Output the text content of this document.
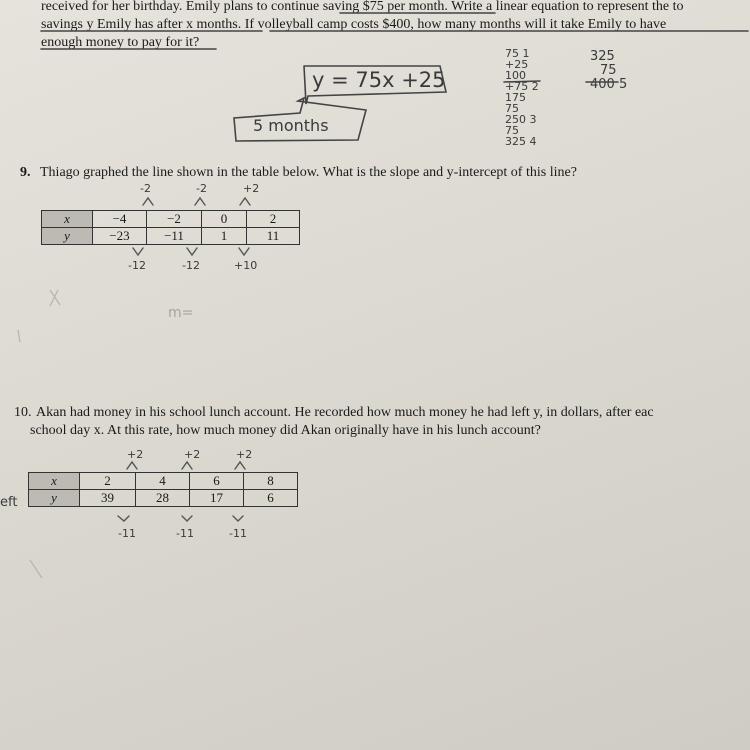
received for her birthday. Emily plans to continue saving $75 per month. Write a linear equation to represent the to
savings y Emily has after x months. If volleyball camp costs $400, how many months will it take Emily to have
enough money to pay for it?
y = 75x +25
5 months
75 1
+25
100
+75 2
175
75
250 3
75
325 4
325
75
400 5
9. Thiago graphed the line shown in the table below. What is the slope and y-intercept of this line?
-2	-2	+2
x	−4	−2	0	2
y	−23	−11	1	11
-12	-12	+10
m=
10. Akan had money in his school lunch account. He recorded how much money he had left y, in dollars, after eac
school day x. At this rate, how much money did Akan originally have in his lunch account?
+2	+2	+2
eft
x	2	4	6	8
y	39	28	17	6
-11	-11	-11
